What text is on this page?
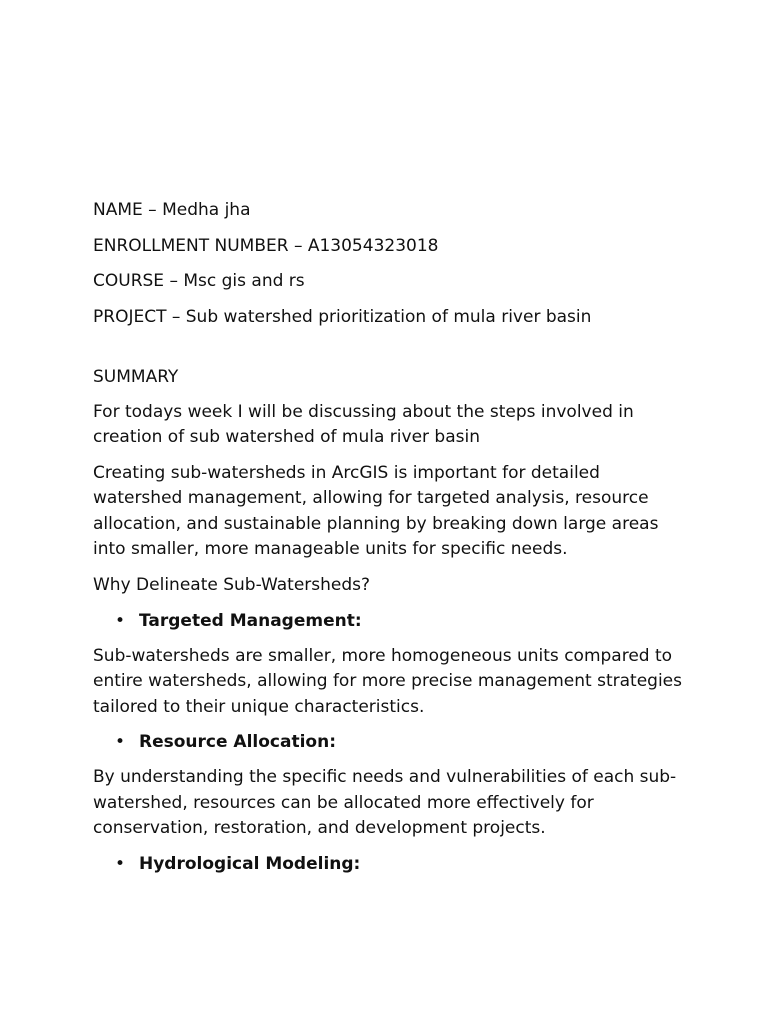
NAME – Medha jha
ENROLLMENT NUMBER – A13054323018
COURSE – Msc gis and rs
PROJECT – Sub watershed prioritization of mula river basin
SUMMARY

For todays week I will be discussing about the steps involved in creation of sub watershed of mula river basin

Creating sub-watersheds in ArcGIS is important for detailed watershed management, allowing for targeted analysis, resource allocation, and sustainable planning by breaking down large areas into smaller, more manageable units for specific needs.

Why Delineate Sub-Watersheds?
• Targeted Management:

Sub-watersheds are smaller, more homogeneous units compared to entire watersheds, allowing for more precise management strategies tailored to their unique characteristics.

• Resource Allocation:

By understanding the specific needs and vulnerabilities of each sub-watershed, resources can be allocated more effectively for conservation, restoration, and development projects.

• Hydrological Modeling:
